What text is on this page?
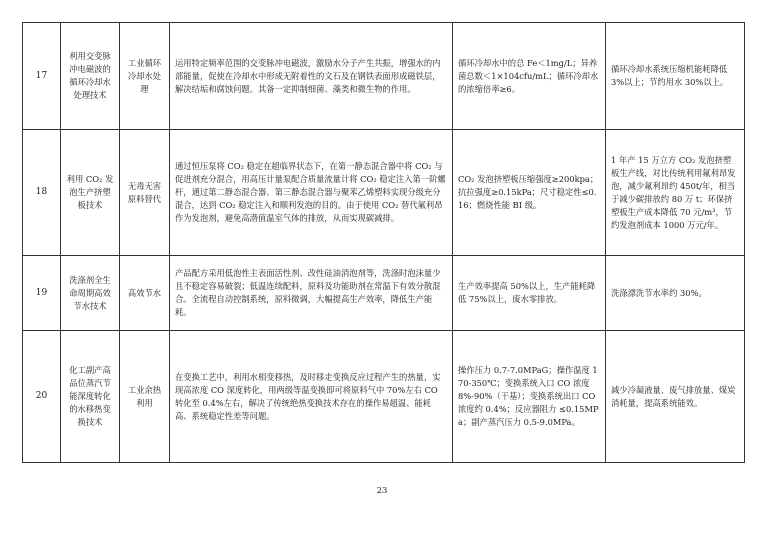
17	利用交变脉冲电磁波的循环冷却水处理技术	工业循环冷却水处理	运用特定频率范围的交变脉冲电磁波，激励水分子产生共振，增强水的内部能量，促使在冷却水中形成无附着性的文石及在钢铁表面形成磁铁层，解决结垢和腐蚀问题。其备一定抑制细菌、藻类和微生物的作用。	循环冷却水中的总 Fe＜1mg/L；异养菌总数＜1×104cfu/mL；循环冷却水的浓缩倍率≥6。	循环冷却水系统压缩机能耗降低 3%以上；节约用水 30%以上。
18	利用 CO₂ 发泡生产挤塑板技术	无毒无害原料替代	通过恒压泵将 CO₂ 稳定在超临界状态下，在第一静态混合器中将 CO₂ 与促进剂充分混合，用高压计量泵配合质量流量计将 CO₂ 稳定注入第一阶螺杆，通过第二静态混合器、第三静态混合器与聚苯乙烯塑料实现分级充分混合，达到 CO₂ 稳定注入和顺利发泡的目的。由于使用 CO₂ 替代氟利昂作为发泡剂，避免高潜值温室气体的排放，从而实现碳减排。	CO₂ 发泡挤塑板压缩强度≥200kpa；抗拉强度≥0.15kPa；尺寸稳定性≤0.16；燃烧性能 BI 级。	1 年产 15 万立方 CO₂ 发泡挤塑板生产线，对比传统利用氟利昂发泡，减少氟利昂约 450t/年，相当于减少碳排放约 80 万 t；环保挤塑板生产成本降低 70 元/m³，节约发泡剂成本 1000 万元/年。
19	洗涤剂全生命周期高效节水技术	高效节水	产品配方采用低泡性主表面活性剂、改性硅油消泡剂等，洗涤时泡沫量少且不稳定容易破裂；低温连续配料，原料及功能助剂在常温下有效分散混合。全流程自动控制系统，原料微调，大幅提高生产效率，降低生产能耗。	生产效率提高 50%以上，生产能耗降低 75%以上，废水零排放。	洗涤漂洗节水率约 30%。
20	化工副产高品位蒸汽节能深度转化的水移热变换技术	工业余热利用	在变换工艺中，利用水相变移热，及时移走变换反应过程产生的热量，实现高浓度 CO 深度转化，用两级等温变换即可将原料气中 70%左右 CO 转化至 0.4%左右，解决了传统绝热变换技术存在的操作易超温、能耗高、系统稳定性差等问题。	操作压力 0.7-7.0MPaG；操作温度 170-350℃；变换系统入口 CO 浓度 8%-90%（干基）；变换系统出口 CO 浓度约 0.4%；反应器阻力 ≤0.15MPa；副产蒸汽压力 0.5-9.0MPa。	减少冷凝液量、废气排放量、煤炭消耗量，提高系统能效。
23
